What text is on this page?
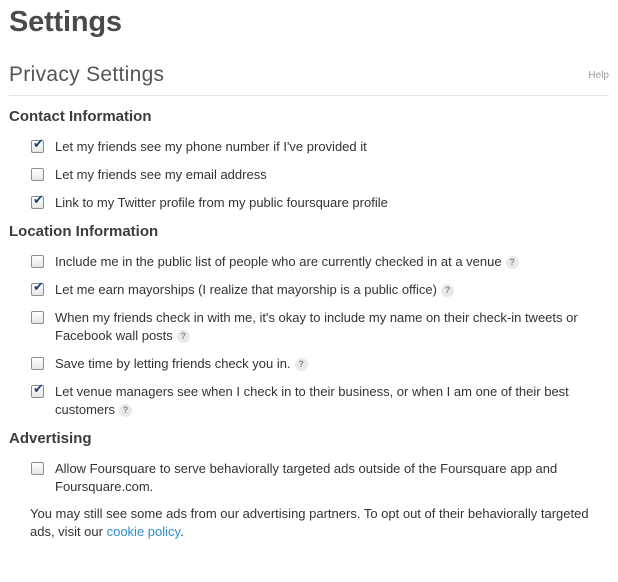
Settings
Privacy Settings	Help
Contact Information
✔
Let my friends see my phone number if I've provided it
Let my friends see my email address
✔
Link to my Twitter profile from my public foursquare profile
Location Information
Include me in the public list of people who are currently checked in at a venue ?
✔
Let me earn mayorships (I realize that mayorship is a public office) ?
When my friends check in with me, it's okay to include my name on their check-in tweets or Facebook wall posts ?
Save time by letting friends check you in. ?
✔
Let venue managers see when I check in to their business, or when I am one of their best customers ?
Advertising
Allow Foursquare to serve behaviorally targeted ads outside of the Foursquare app and Foursquare.com.
You may still see some ads from our advertising partners. To opt out of their behaviorally targeted ads, visit our cookie policy.
